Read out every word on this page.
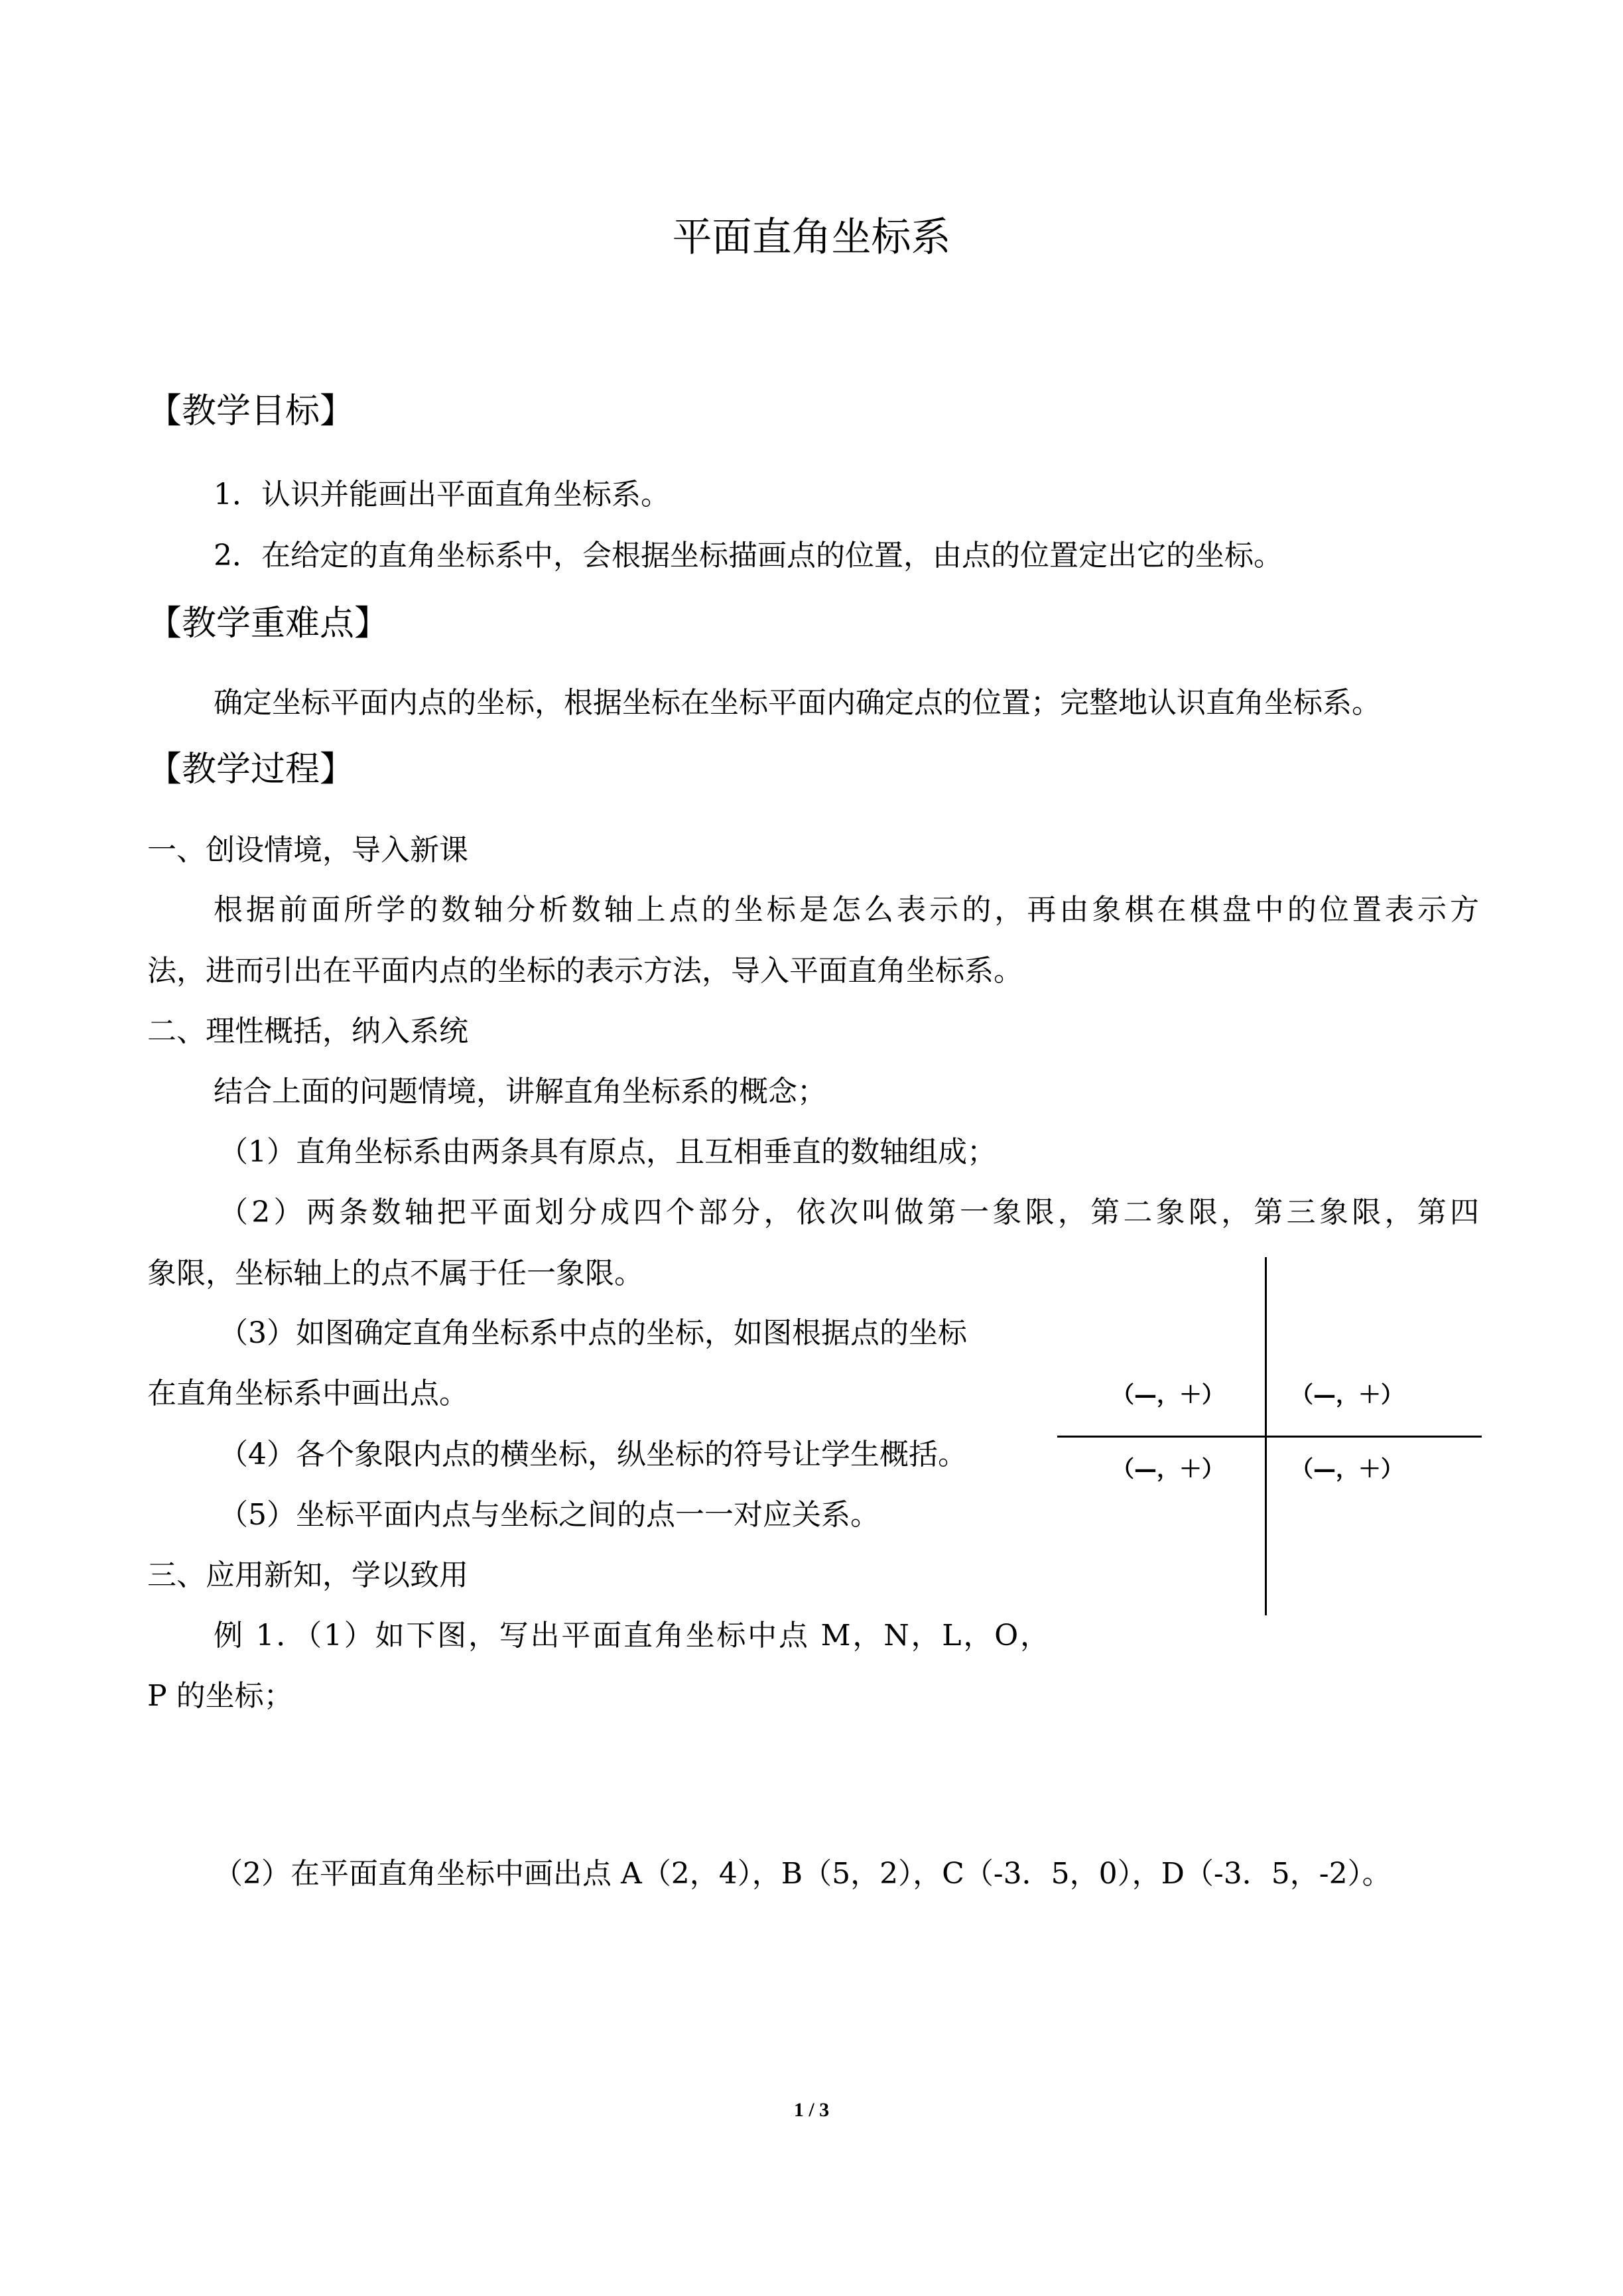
平面直角坐标系
【教学目标】
1．认识并能画出平面直角坐标系。
2．在给定的直角坐标系中，会根据坐标描画点的位置，由点的位置定出它的坐标。
【教学重难点】
确定坐标平面内点的坐标，根据坐标在坐标平面内确定点的位置；完整地认识直角坐标系。
【教学过程】
一、创设情境，导入新课
根据前面所学的数轴分析数轴上点的坐标是怎么表示的，再由象棋在棋盘中的位置表示方
法，进而引出在平面内点的坐标的表示方法，导入平面直角坐标系。
二、理性概括，纳入系统
结合上面的问题情境，讲解直角坐标系的概念；
（1）直角坐标系由两条具有原点，且互相垂直的数轴组成；
（2）两条数轴把平面划分成四个部分，依次叫做第一象限，第二象限，第三象限，第四
象限，坐标轴上的点不属于任一象限。
（3）如图确定直角坐标系中点的坐标，如图根据点的坐标
在直角坐标系中画出点。
（4）各个象限内点的横坐标，纵坐标的符号让学生概括。
（5）坐标平面内点与坐标之间的点一一对应关系。
三、应用新知，学以致用
例 1．（1）如下图，写出平面直角坐标中点 M，N，L，O，
P 的坐标；
（2）在平面直角坐标中画出点 A（2，4），B（5，2），C（-3．5，0），D（-3．5，-2）。
（—，＋）	（—，＋）
（—，＋）	（—，＋）
1 / 3
